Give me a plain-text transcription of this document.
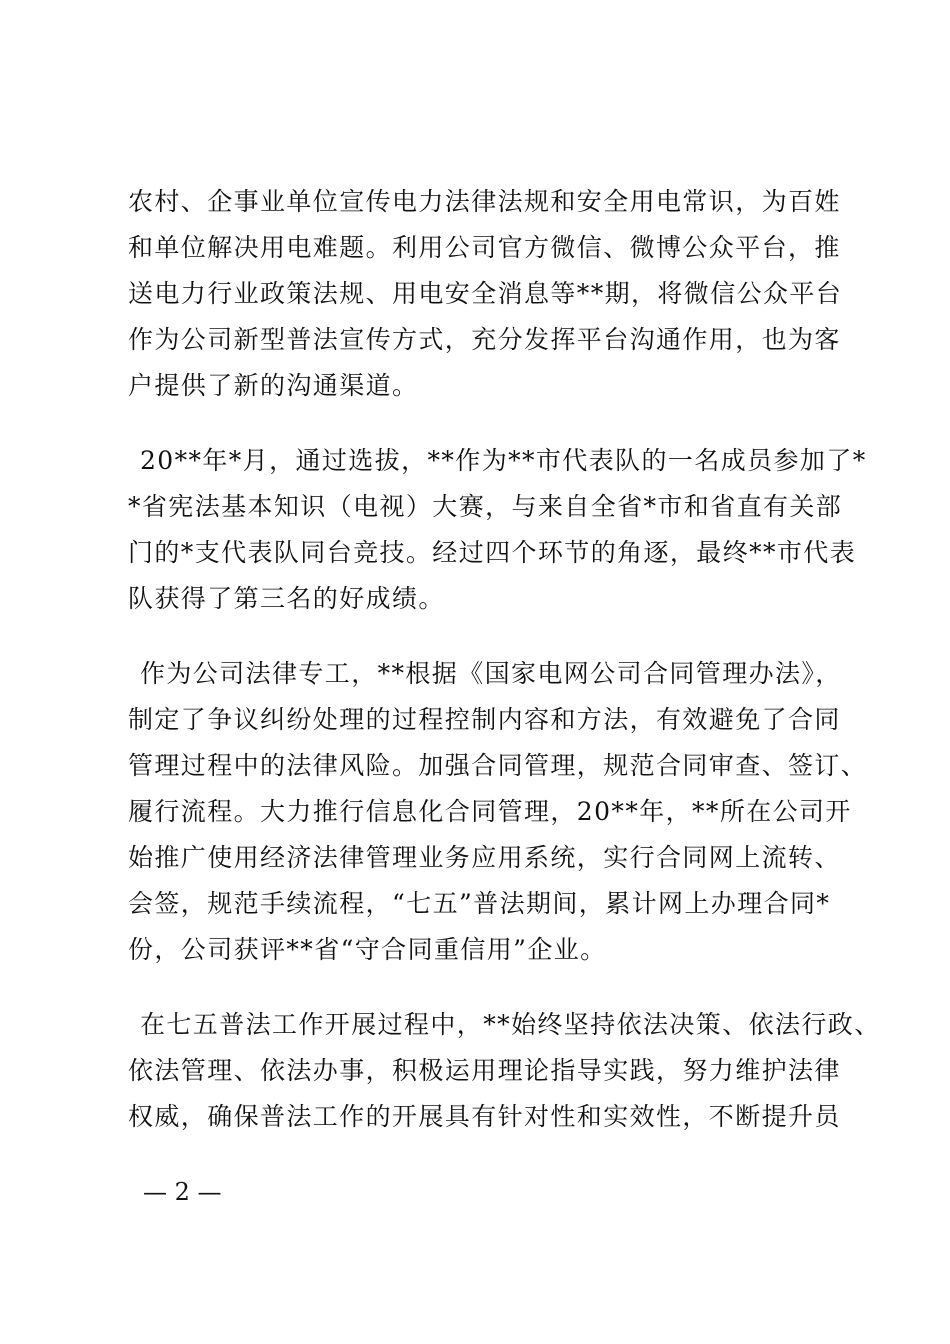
农村、企事业单位宣传电力法律法规和安全用电常识，为百姓
和单位解决用电难题。利用公司官方微信、微博公众平台，推
送电力行业政策法规、用电安全消息等**期，将微信公众平台
作为公司新型普法宣传方式，充分发挥平台沟通作用，也为客
户提供了新的沟通渠道。
20**年*月，通过选拔，**作为**市代表队的一名成员参加了*
*省宪法基本知识（电视）大赛，与来自全省*市和省直有关部
门的*支代表队同台竞技。经过四个环节的角逐，最终**市代表
队获得了第三名的好成绩。
作为公司法律专工，**根据《国家电网公司合同管理办法》，
制定了争议纠纷处理的过程控制内容和方法，有效避免了合同
管理过程中的法律风险。加强合同管理，规范合同审查、签订、
履行流程。大力推行信息化合同管理，20**年，**所在公司开
始推广使用经济法律管理业务应用系统，实行合同网上流转、
会签，规范手续流程，“七五”普法期间，累计网上办理合同*
份，公司获评**省“守合同重信用”企业。
在七五普法工作开展过程中，**始终坚持依法决策、依法行政、
依法管理、依法办事，积极运用理论指导实践，努力维护法律
权威，确保普法工作的开展具有针对性和实效性，不断提升员
— 2 —
